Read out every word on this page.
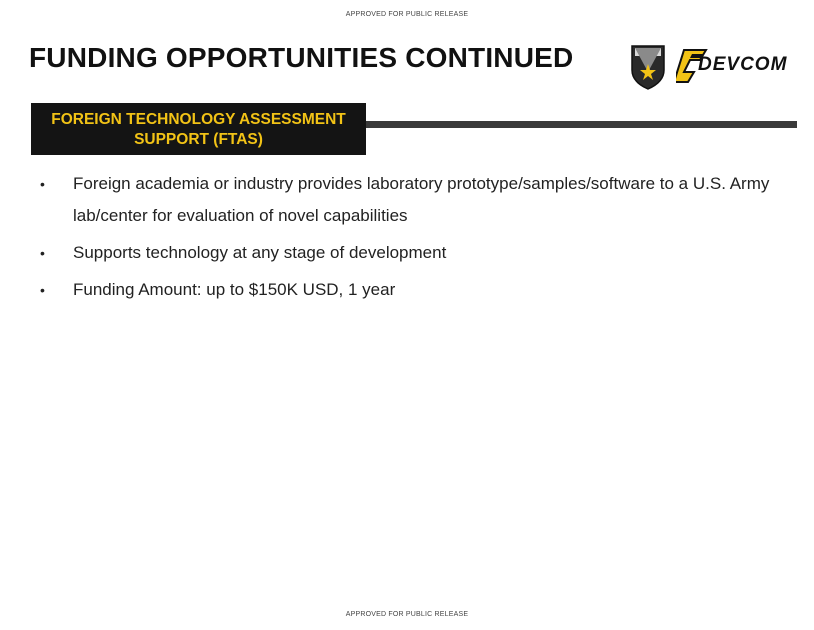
APPROVED FOR PUBLIC RELEASE
FUNDING OPPORTUNITIES CONTINUED	DEVCOM
FOREIGN TECHNOLOGY ASSESSMENT
SUPPORT (FTAS)
•	Foreign academia or industry provides laboratory prototype/samples/software to a U.S. Army lab/center for evaluation of novel capabilities
•	Supports technology at any stage of development
•	Funding Amount: up to $150K USD, 1 year
APPROVED FOR PUBLIC RELEASE
